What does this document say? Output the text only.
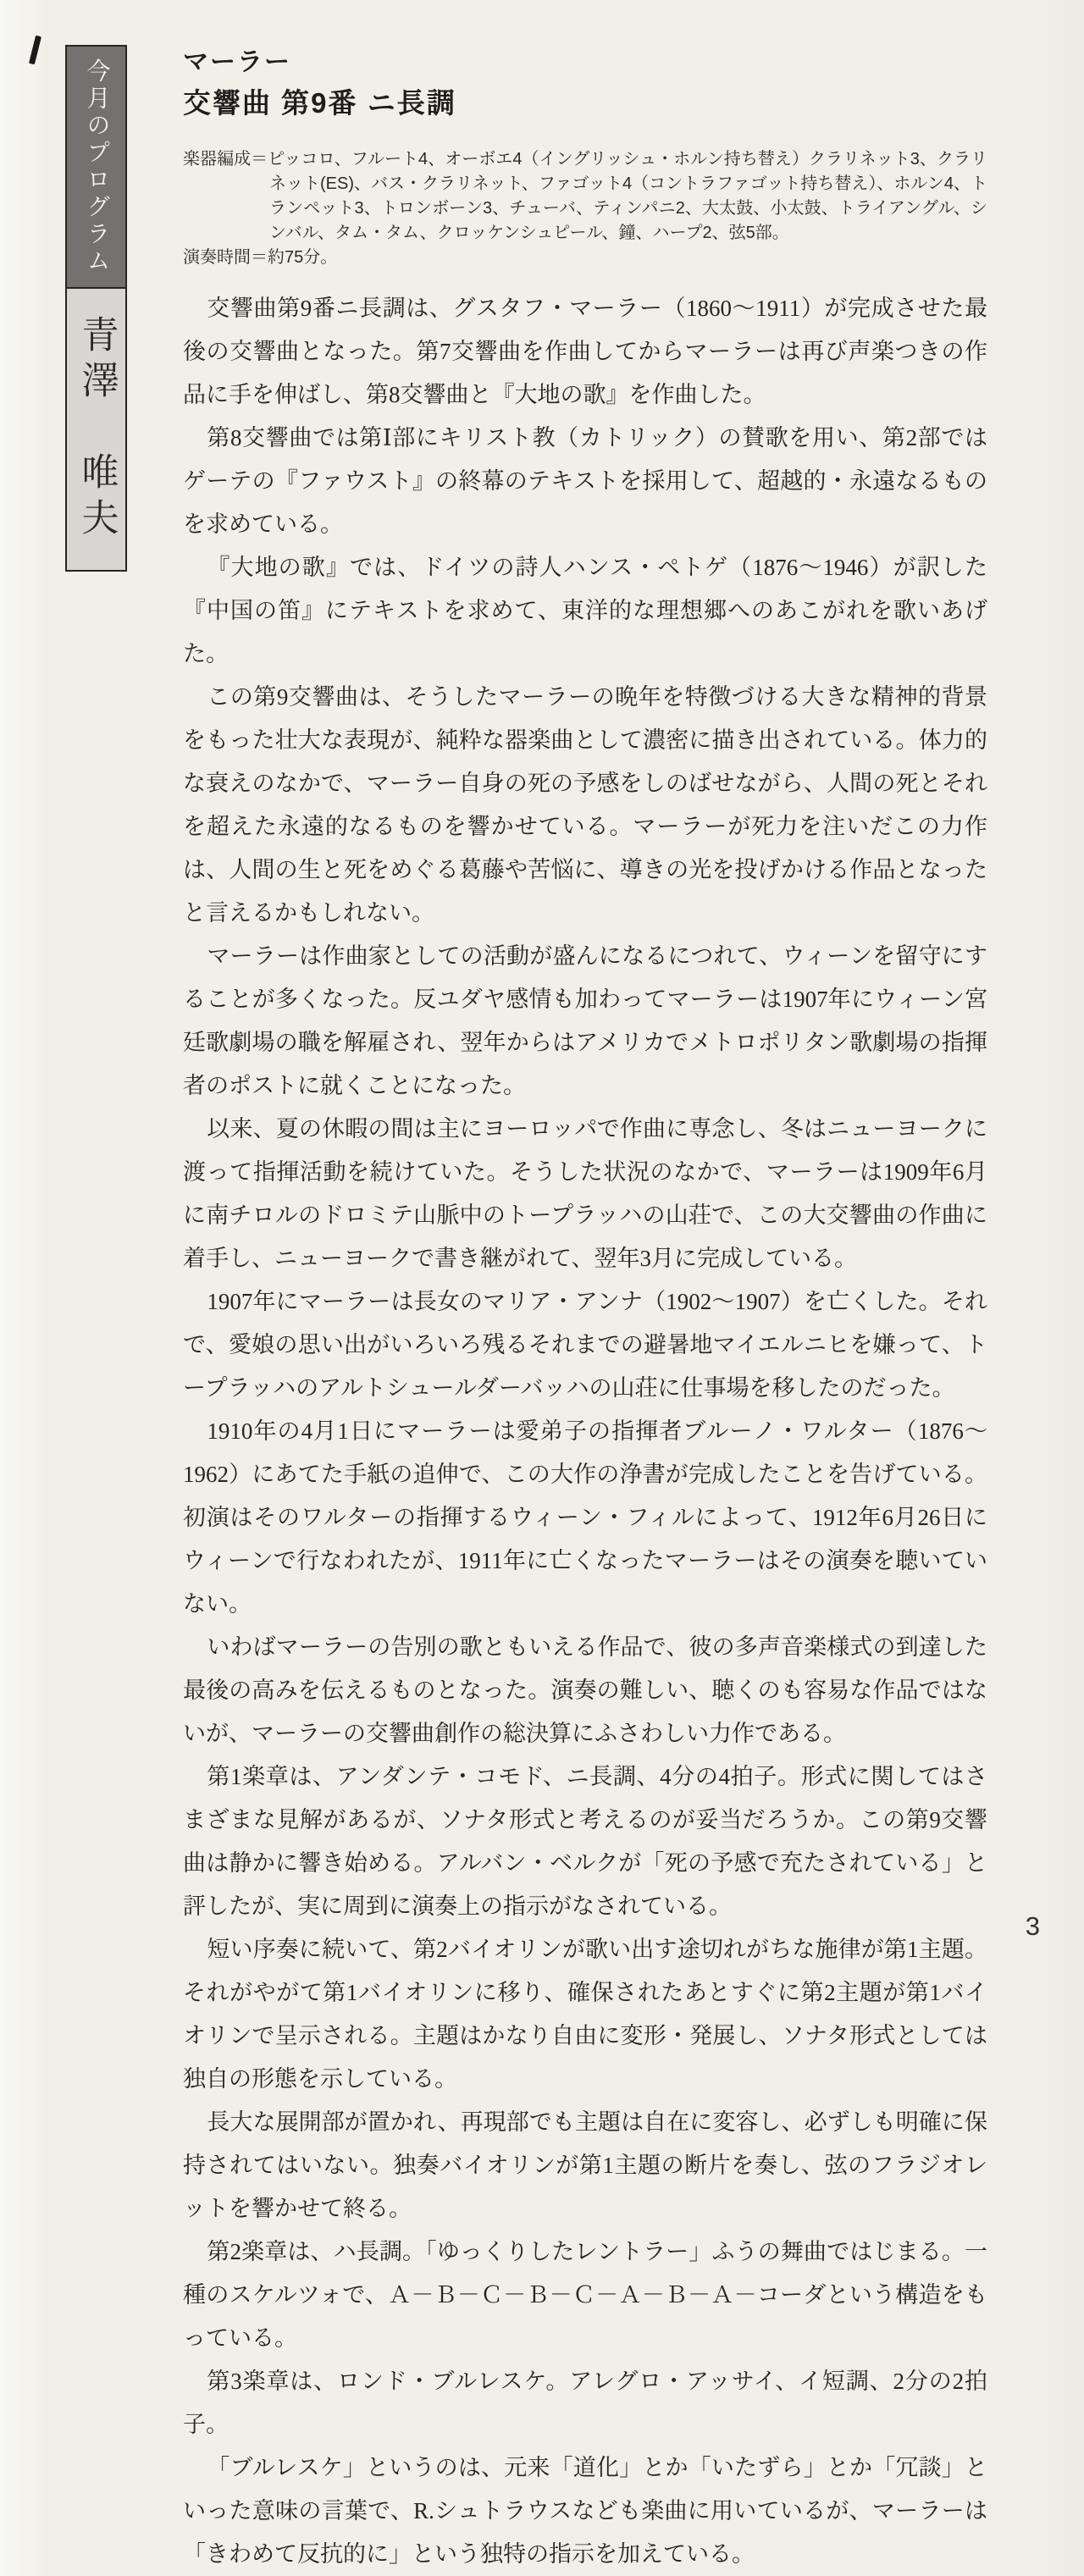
今月のプログラム
青澤　唯夫
マーラー
交響曲 第9番 ニ長調
楽器編成＝ピッコロ、フルート4、オーボエ4（イングリッシュ・ホルン持ち替え）クラリネット3、クラリネット(ES)、バス・クラリネット、ファゴット4（コントラファゴット持ち替え）、ホルン4、トランペット3、トロンボーン3、チューバ、ティンパニ2、大太鼓、小太鼓、トライアングル、シンバル、タム・タム、クロッケンシュピール、鐘、ハープ2、弦5部。
演奏時間＝約75分。

交響曲第9番ニ長調は、グスタフ・マーラー（1860～1911）が完成させた最後の交響曲となった。第7交響曲を作曲してからマーラーは再び声楽つきの作品に手を伸ばし、第8交響曲と『大地の歌』を作曲した。

第8交響曲では第Ⅰ部にキリスト教（カトリック）の賛歌を用い、第2部ではゲーテの『ファウスト』の終幕のテキストを採用して、超越的・永遠なるものを求めている。

『大地の歌』では、ドイツの詩人ハンス・ペトゲ（1876～1946）が訳した『中国の笛』にテキストを求めて、東洋的な理想郷へのあこがれを歌いあげた。

この第9交響曲は、そうしたマーラーの晩年を特徴づける大きな精神的背景をもった壮大な表現が、純粋な器楽曲として濃密に描き出されている。体力的な衰えのなかで、マーラー自身の死の予感をしのばせながら、人間の死とそれを超えた永遠的なるものを響かせている。マーラーが死力を注いだこの力作は、人間の生と死をめぐる葛藤や苦悩に、導きの光を投げかける作品となったと言えるかもしれない。

マーラーは作曲家としての活動が盛んになるにつれて、ウィーンを留守にすることが多くなった。反ユダヤ感情も加わってマーラーは1907年にウィーン宮廷歌劇場の職を解雇され、翌年からはアメリカでメトロポリタン歌劇場の指揮者のポストに就くことになった。

以来、夏の休暇の間は主にヨーロッパで作曲に専念し、冬はニューヨークに渡って指揮活動を続けていた。そうした状況のなかで、マーラーは1909年6月に南チロルのドロミテ山脈中のトープラッハの山荘で、この大交響曲の作曲に着手し、ニューヨークで書き継がれて、翌年3月に完成している。

1907年にマーラーは長女のマリア・アンナ（1902～1907）を亡くした。それで、愛娘の思い出がいろいろ残るそれまでの避暑地マイエルニヒを嫌って、トープラッハのアルトシュールダーバッハの山荘に仕事場を移したのだった。

1910年の4月1日にマーラーは愛弟子の指揮者ブルーノ・ワルター（1876～1962）にあてた手紙の追伸で、この大作の浄書が完成したことを告げている。初演はそのワルターの指揮するウィーン・フィルによって、1912年6月26日にウィーンで行なわれたが、1911年に亡くなったマーラーはその演奏を聴いていない。

いわばマーラーの告別の歌ともいえる作品で、彼の多声音楽様式の到達した最後の高みを伝えるものとなった。演奏の難しい、聴くのも容易な作品ではないが、マーラーの交響曲創作の総決算にふさわしい力作である。

第1楽章は、アンダンテ・コモド、ニ長調、4分の4拍子。形式に関してはさまざまな見解があるが、ソナタ形式と考えるのが妥当だろうか。この第9交響曲は静かに響き始める。アルバン・ベルクが「死の予感で充たされている」と評したが、実に周到に演奏上の指示がなされている。

短い序奏に続いて、第2バイオリンが歌い出す途切れがちな施律が第1主題。それがやがて第1バイオリンに移り、確保されたあとすぐに第2主題が第1バイオリンで呈示される。主題はかなり自由に変形・発展し、ソナタ形式としては独自の形態を示している。

長大な展開部が置かれ、再現部でも主題は自在に変容し、必ずしも明確に保持されてはいない。独奏バイオリンが第1主題の断片を奏し、弦のフラジオレットを響かせて終る。

第2楽章は、ハ長調。「ゆっくりしたレントラー」ふうの舞曲ではじまる。一種のスケルツォで、Ａ－Ｂ－Ｃ－Ｂ－Ｃ－Ａ－Ｂ－Ａ－コーダという構造をもっている。

第3楽章は、ロンド・ブルレスケ。アレグロ・アッサイ、イ短調、2分の2拍子。

「ブルレスケ」というのは、元来「道化」とか「いたずら」とか「冗談」といった意味の言葉で、R.シュトラウスなども楽曲に用いているが、マーラーは「きわめて反抗的に」という独特の指示を加えている。

3
